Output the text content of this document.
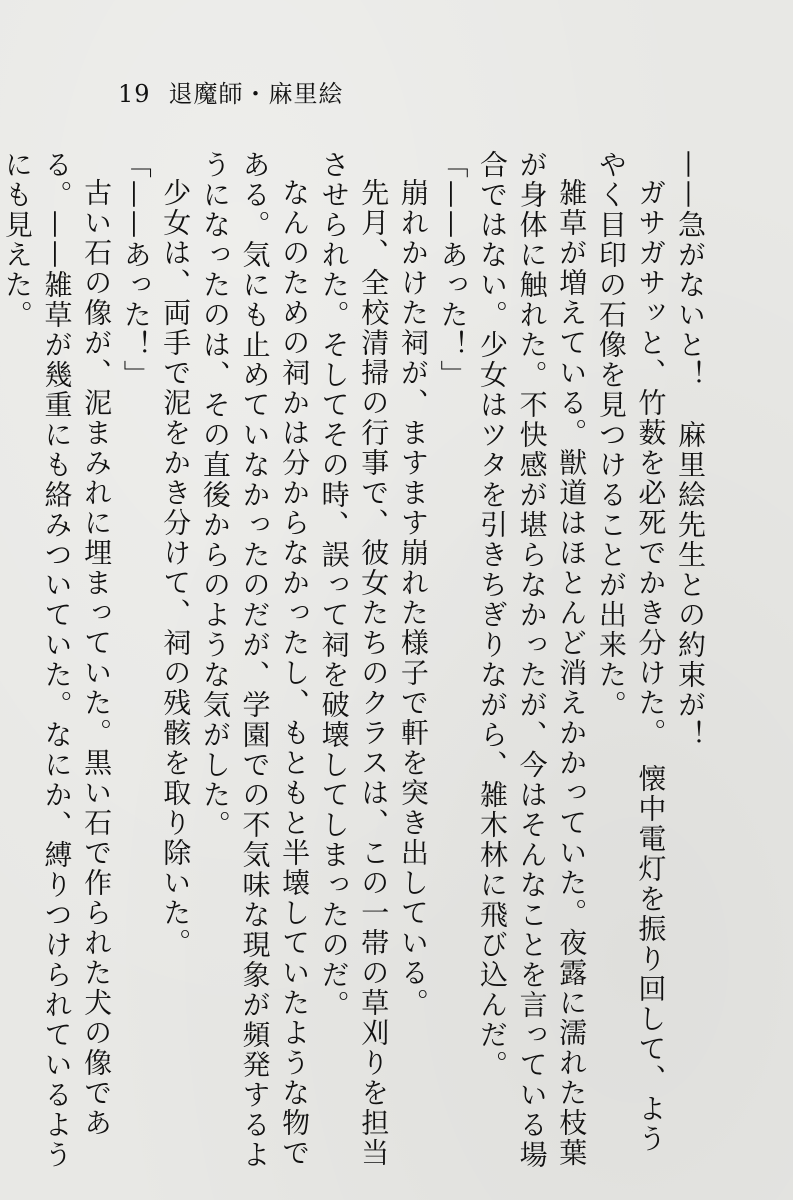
19 退魔師・麻里絵

——急がないと！　麻里絵先生との約束が！

ガサガサッと、竹薮を必死でかき分けた。　懐中電灯を振り回して、ようやく目印の石像を見つけることが出来た。

雑草が増えている。獣道はほとんど消えかかっていた。夜露に濡れた枝葉が身体に触れた。不快感が堪らなかったが、今はそんなことを言っている場合ではない。少女はツタを引きちぎりながら、雑木林に飛び込んだ。

「——あった！」

崩れかけた祠が、ますます崩れた様子で軒を突き出している。

先月、全校清掃の行事で、彼女たちのクラスは、この一帯の草刈りを担当させられた。そしてその時、誤って祠を破壊してしまったのだ。

なんのための祠かは分からなかったし、もともと半壊していたような物である。気にも止めていなかったのだが、学園での不気味な現象が頻発するようになったのは、その直後からのような気がした。

少女は、両手で泥をかき分けて、祠の残骸を取り除いた。

「——あった！」

古い石の像が、泥まみれに埋まっていた。黒い石で作られた犬の像である。——雑草が幾重にも絡みついていた。なにか、縛りつけられているようにも見えた。
